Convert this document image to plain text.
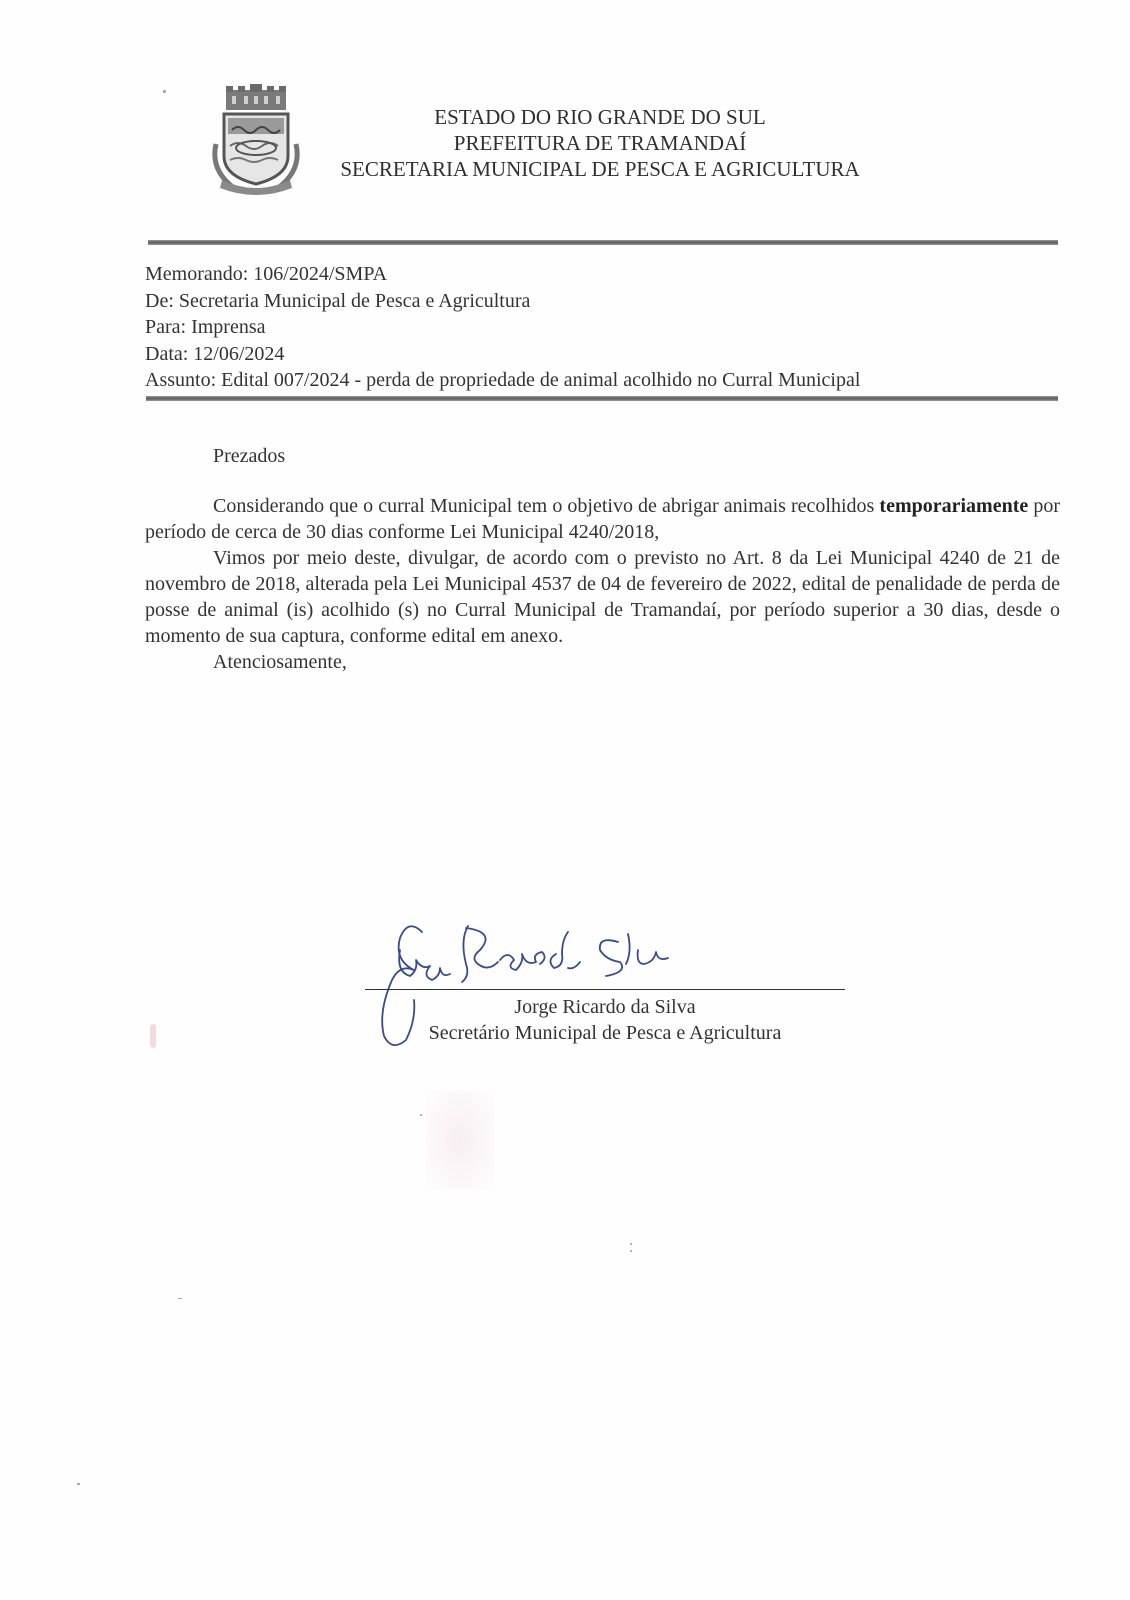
ESTADO DO RIO GRANDE DO SUL
PREFEITURA DE TRAMANDAÍ
SECRETARIA MUNICIPAL DE PESCA E AGRICULTURA
Memorando: 106/2024/SMPA
De: Secretaria Municipal de Pesca e Agricultura
Para: Imprensa
Data: 12/06/2024
Assunto: Edital 007/2024 - perda de propriedade de animal acolhido no Curral Municipal

Prezados

Considerando que o curral Municipal tem o objetivo de abrigar animais recolhidos temporariamente por período de cerca de 30 dias conforme Lei Municipal 4240/2018,

Vimos por meio deste, divulgar, de acordo com o previsto no Art. 8 da Lei Municipal 4240 de 21 de novembro de 2018, alterada pela Lei Municipal 4537 de 04 de fevereiro de 2022, edital de penalidade de perda de posse de animal (is) acolhido (s) no Curral Municipal de Tramandaí, por período superior a 30 dias, desde o momento de sua captura, conforme edital em anexo.

Atenciosamente,

Jorge Ricardo da Silva
Secretário Municipal de Pesca e Agricultura
